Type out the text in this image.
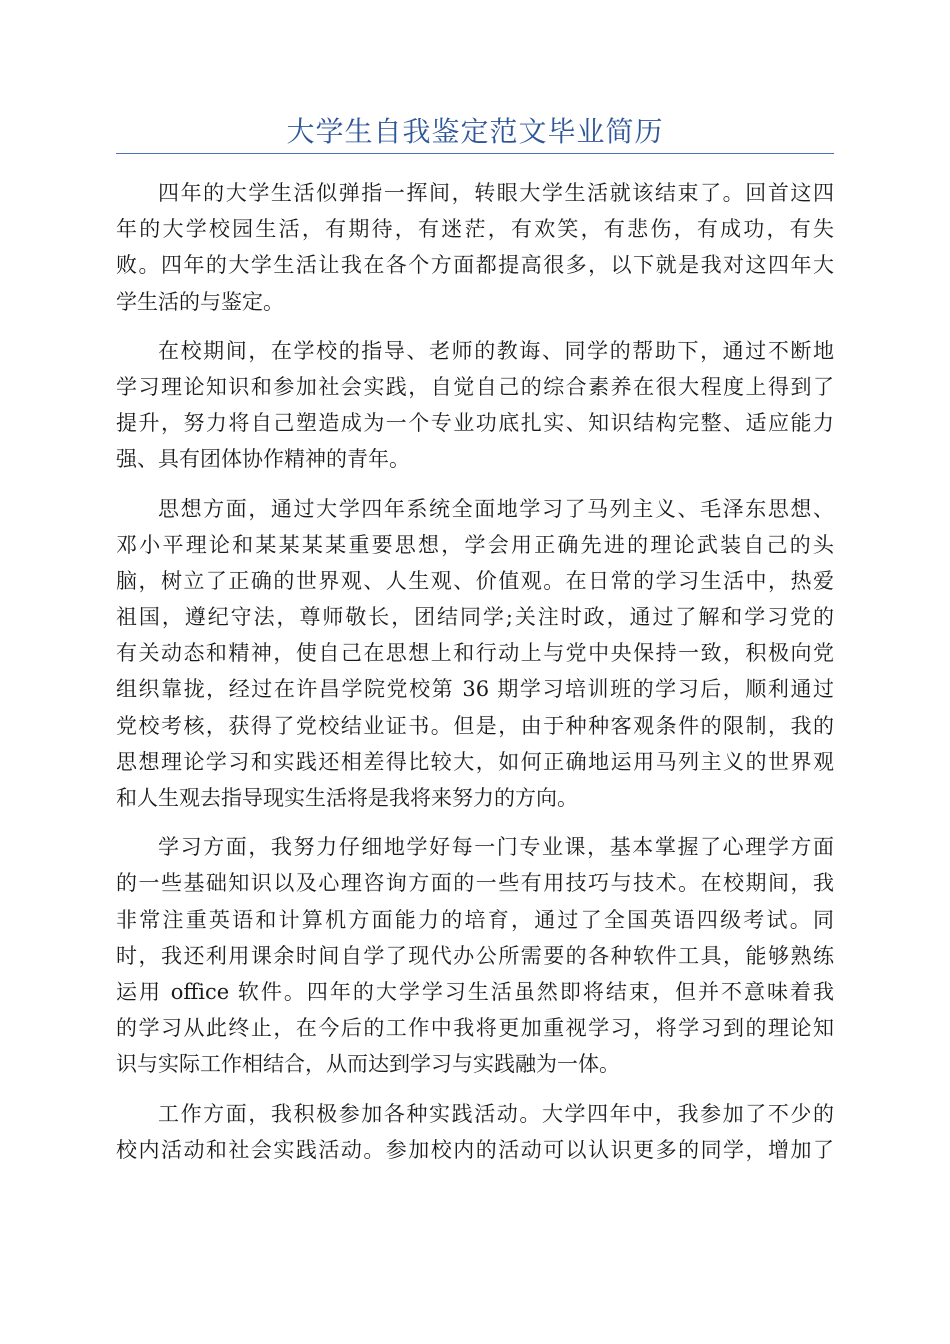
大学生自我鉴定范文毕业简历
四年的大学生活似弹指一挥间，转眼大学生活就该结束了。回首这四
年的大学校园生活，有期待，有迷茫，有欢笑，有悲伤，有成功，有失
败。四年的大学生活让我在各个方面都提高很多，以下就是我对这四年大
学生活的与鉴定。
在校期间，在学校的指导、老师的教诲、同学的帮助下，通过不断地
学习理论知识和参加社会实践，自觉自己的综合素养在很大程度上得到了
提升，努力将自己塑造成为一个专业功底扎实、知识结构完整、适应能力
强、具有团体协作精神的青年。
思想方面，通过大学四年系统全面地学习了马列主义、毛泽东思想、
邓小平理论和某某某某重要思想，学会用正确先进的理论武装自己的头
脑，树立了正确的世界观、人生观、价值观。在日常的学习生活中，热爱
祖国，遵纪守法，尊师敬长，团结同学;关注时政，通过了解和学习党的
有关动态和精神，使自己在思想上和行动上与党中央保持一致，积极向党
组织靠拢，经过在许昌学院党校第 36 期学习培训班的学习后，顺利通过
党校考核，获得了党校结业证书。但是，由于种种客观条件的限制，我的
思想理论学习和实践还相差得比较大，如何正确地运用马列主义的世界观
和人生观去指导现实生活将是我将来努力的方向。
学习方面，我努力仔细地学好每一门专业课，基本掌握了心理学方面
的一些基础知识以及心理咨询方面的一些有用技巧与技术。在校期间，我
非常注重英语和计算机方面能力的培育，通过了全国英语四级考试。同
时，我还利用课余时间自学了现代办公所需要的各种软件工具，能够熟练
运用 office 软件。四年的大学学习生活虽然即将结束，但并不意味着我
的学习从此终止，在今后的工作中我将更加重视学习，将学习到的理论知
识与实际工作相结合，从而达到学习与实践融为一体。
工作方面，我积极参加各种实践活动。大学四年中，我参加了不少的
校内活动和社会实践活动。参加校内的活动可以认识更多的同学，增加了
